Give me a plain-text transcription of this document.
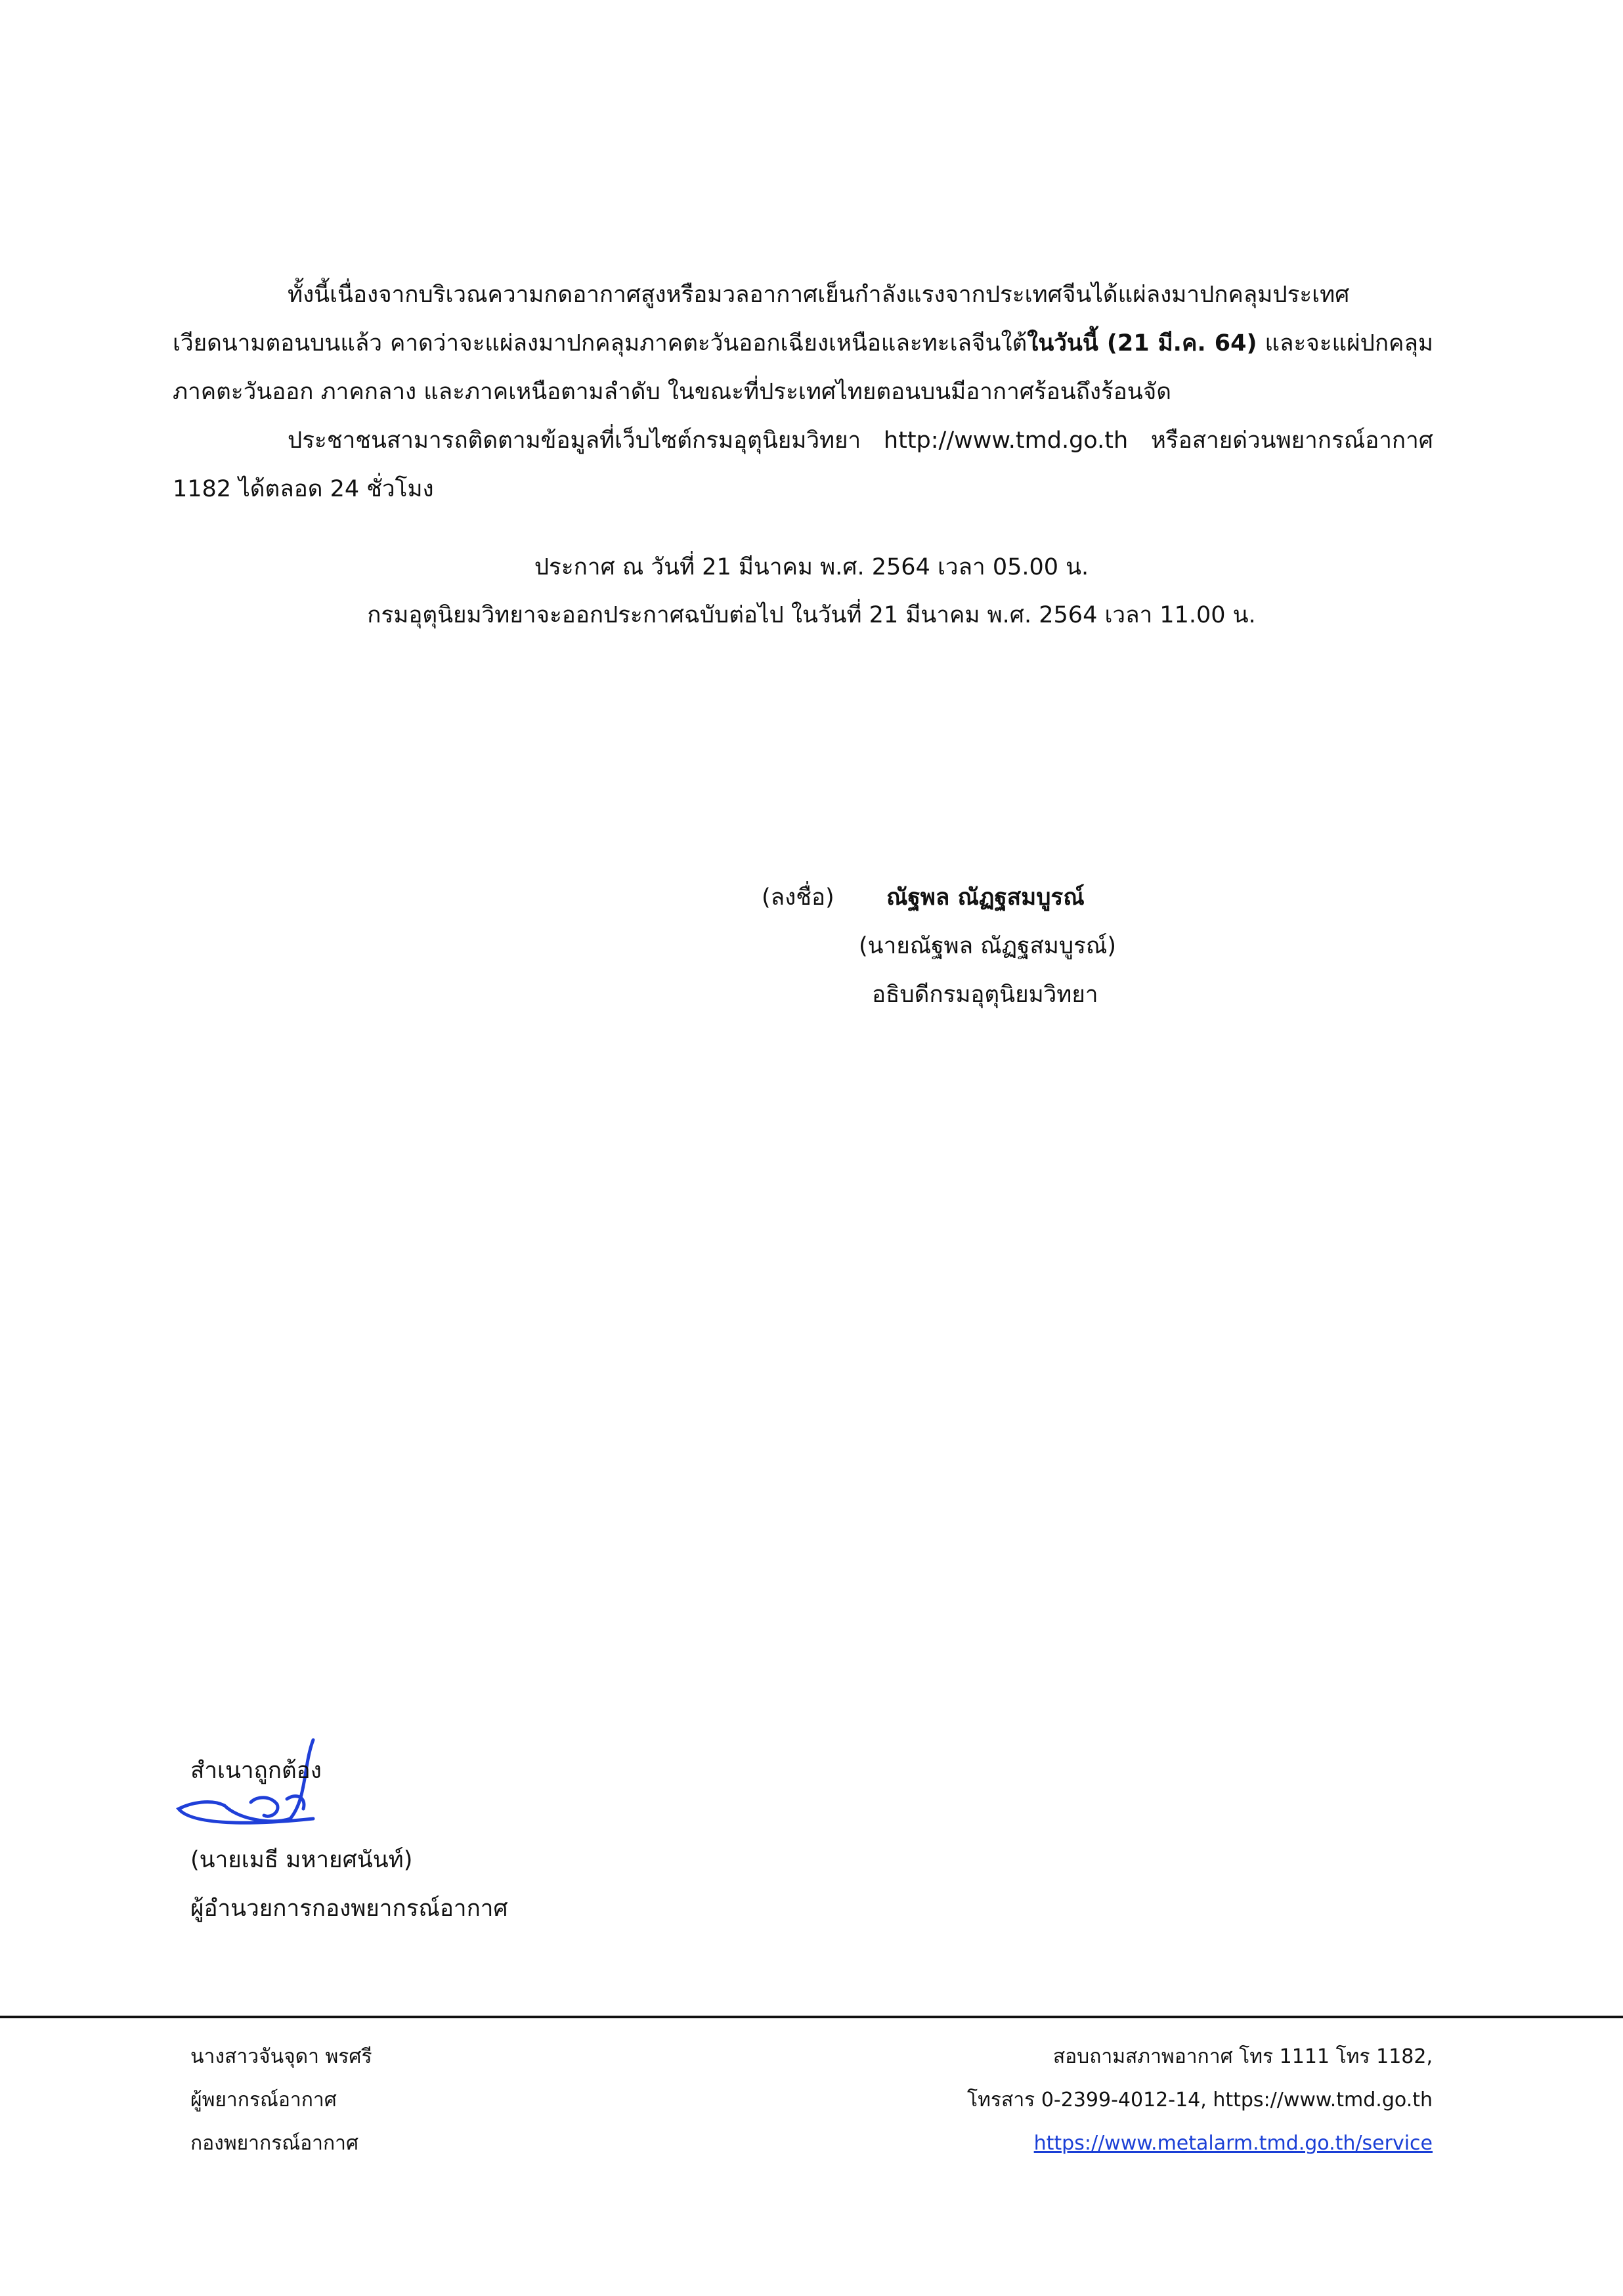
ทั้งนี้เนื่องจากบริเวณความกดอากาศสูงหรือมวลอากาศเย็นกำลังแรงจากประเทศจีนได้แผ่ลงมาปกคลุมประเทศเวียดนามตอนบนแล้ว คาดว่าจะแผ่ลงมาปกคลุมภาคตะวันออกเฉียงเหนือและทะเลจีนใต้ในวันนี้ (21 มี.ค. 64) และจะแผ่ปกคลุมภาคตะวันออก ภาคกลาง และภาคเหนือตามลำดับ ในขณะที่ประเทศไทยตอนบนมีอากาศร้อนถึงร้อนจัด
ประชาชนสามารถติดตามข้อมูลที่เว็บไซต์กรมอุตุนิยมวิทยา http://www.tmd.go.th หรือสายด่วนพยากรณ์อากาศ 1182 ได้ตลอด 24 ชั่วโมง
ประกาศ ณ วันที่ 21 มีนาคม พ.ศ. 2564 เวลา 05.00 น.
กรมอุตุนิยมวิทยาจะออกประกาศฉบับต่อไป ในวันที่ 21 มีนาคม พ.ศ. 2564 เวลา 11.00 น.
(ลงชื่อ) ณัฐพล ณัฏฐสมบูรณ์
(นายณัฐพล ณัฏฐสมบูรณ์)
อธิบดีกรมอุตุนิยมวิทยา
สำเนาถูกต้อง
(นายเมธี มหายศนันท์)
ผู้อำนวยการกองพยากรณ์อากาศ
นางสาวจันจุดา พรศรี
ผู้พยากรณ์อากาศ
กองพยากรณ์อากาศ
สอบถามสภาพอากาศ โทร 1111 โทร 1182,
โทรสาร 0-2399-4012-14, https://www.tmd.go.th
https://www.metalarm.tmd.go.th/service
